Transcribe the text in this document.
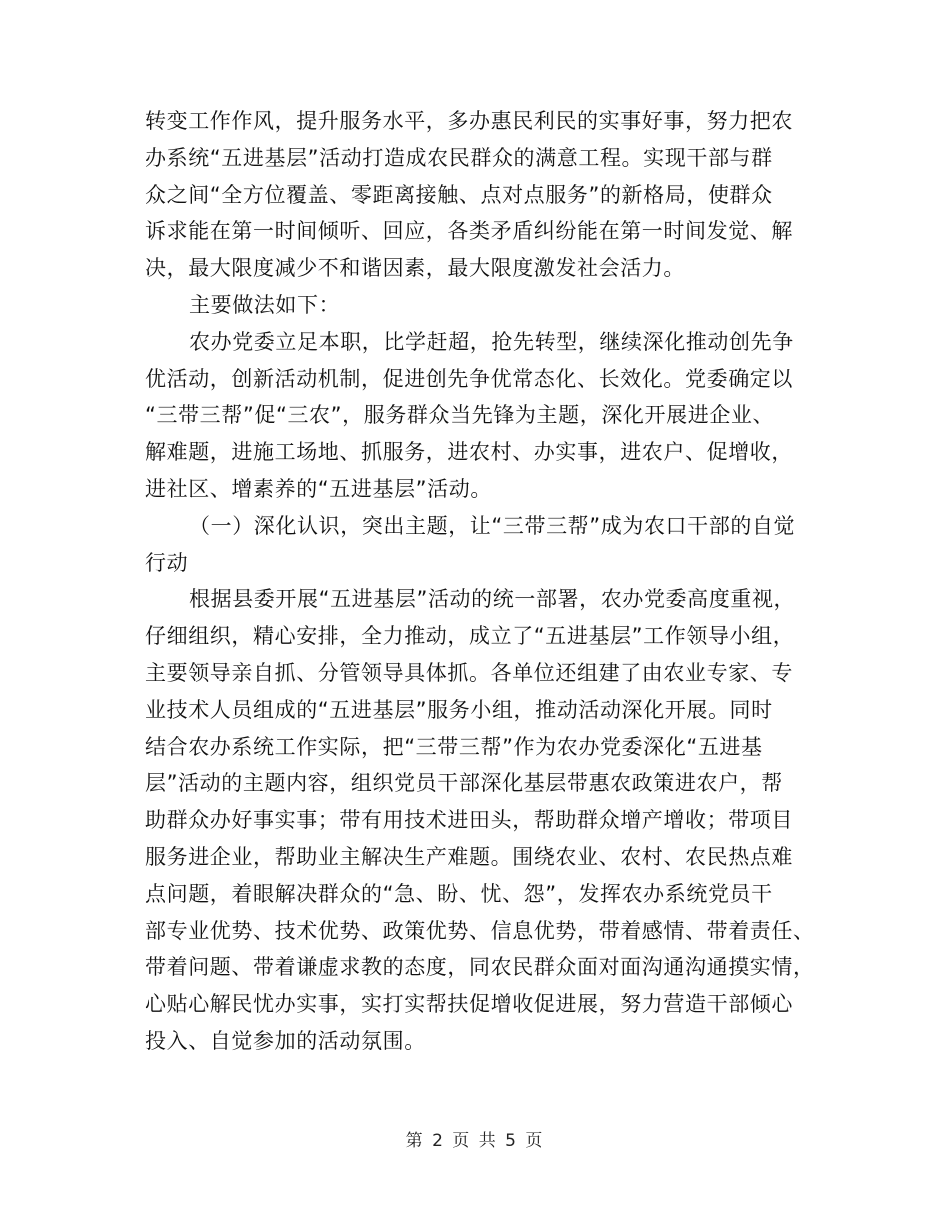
转变工作作风，提升服务水平，多办惠民利民的实事好事，努力把农
办系统“五进基层”活动打造成农民群众的满意工程。实现干部与群
众之间“全方位覆盖、零距离接触、点对点服务”的新格局，使群众
诉求能在第一时间倾听、回应，各类矛盾纠纷能在第一时间发觉、解
决，最大限度减少不和谐因素，最大限度激发社会活力。
主要做法如下：
农办党委立足本职，比学赶超，抢先转型，继续深化推动创先争
优活动，创新活动机制，促进创先争优常态化、长效化。党委确定以
“三带三帮”促“三农”，服务群众当先锋为主题，深化开展进企业、
解难题，进施工场地、抓服务，进农村、办实事，进农户、促增收，
进社区、增素养的“五进基层”活动。
（一）深化认识，突出主题，让“三带三帮”成为农口干部的自觉
行动
根据县委开展“五进基层”活动的统一部署，农办党委高度重视，
仔细组织，精心安排，全力推动，成立了“五进基层”工作领导小组，
主要领导亲自抓、分管领导具体抓。各单位还组建了由农业专家、专
业技术人员组成的“五进基层”服务小组，推动活动深化开展。同时
结合农办系统工作实际，把“三带三帮”作为农办党委深化“五进基
层”活动的主题内容，组织党员干部深化基层带惠农政策进农户，帮
助群众办好事实事；带有用技术进田头，帮助群众增产增收；带项目
服务进企业，帮助业主解决生产难题。围绕农业、农村、农民热点难
点问题，着眼解决群众的“急、盼、忧、怨”，发挥农办系统党员干
部专业优势、技术优势、政策优势、信息优势，带着感情、带着责任、
带着问题、带着谦虚求教的态度，同农民群众面对面沟通沟通摸实情，
心贴心解民忧办实事，实打实帮扶促增收促进展，努力营造干部倾心
投入、自觉参加的活动氛围。
第 2 页 共 5 页
